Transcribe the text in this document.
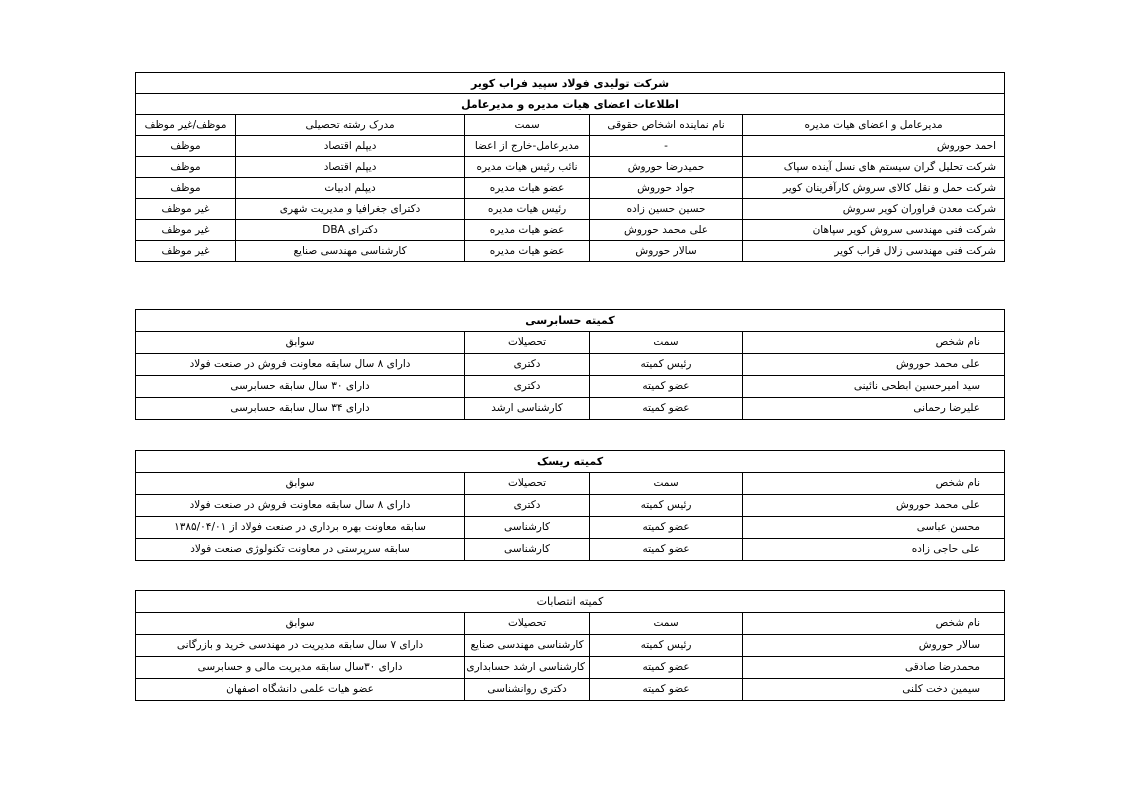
شرکت تولیدی فولاد سپید فراب کویر				
اطلاعات اعضای هیات مدیره و مدیرعامل				
مدیرعامل و اعضای هیات مدیره	نام نماینده اشخاص حقوقی	سمت	مدرک رشته تحصیلی	موظف/غیر موظف
احمد حوروش	-	مدیرعامل-خارج از اعضا	دیپلم اقتصاد	موظف
شرکت تحلیل گران سیستم های نسل آینده سپاک	حمیدرضا حوروش	نائب رئیس هیات مدیره	دیپلم اقتصاد	موظف
شرکت حمل و نقل کالای سروش کارآفرینان کویر	جواد حوروش	عضو هیات مدیره	دیپلم ادبیات	موظف
شرکت معدن فراوران کویر سروش	حسین حسین زاده	رئیس هیات مدیره	دکترای جغرافیا و مدیریت شهری	غیر موظف
شرکت فنی مهندسی سروش کویر سپاهان	علی محمد حوروش	عضو هیات مدیره	دکترای DBA	غیر موظف
شرکت فنی مهندسی زلال فراب کویر	سالار حوروش	عضو هیات مدیره	کارشناسی مهندسی صنایع	غیر موظف
کمیته حسابرسی			
نام شخص	سمت	تحصیلات	سوابق
علی محمد حوروش	رئیس کمیته	دکتری	دارای ۸ سال سابقه معاونت فروش در صنعت فولاد
سید امیرحسین ابطحی نائینی	عضو کمیته	دکتری	دارای ۳۰ سال سابقه حسابرسی
علیرضا رحمانی	عضو کمیته	کارشناسی ارشد	دارای ۳۴ سال سابقه حسابرسی
کمیته ریسک			
نام شخص	سمت	تحصیلات	سوابق
علی محمد حوروش	رئیس کمیته	دکتری	دارای ۸ سال سابقه معاونت فروش در صنعت فولاد
محسن عباسی	عضو کمیته	کارشناسی	سابقه معاونت بهره برداری در صنعت فولاد از ۱۳۸۵/۰۴/۰۱
علی حاجی زاده	عضو کمیته	کارشناسی	سابقه سرپرستی در معاونت تکنولوژی صنعت فولاد
کمیته انتصابات			
نام شخص	سمت	تحصیلات	سوابق
سالار حوروش	رئیس کمیته	کارشناسی مهندسی صنایع	دارای ۷ سال سابقه مدیریت در مهندسی خرید و بازرگانی
محمدرضا صادقی	عضو کمیته	کارشناسی ارشد حسابداری	دارای ۳۰سال سابقه مدیریت مالی و حسابرسی
سیمین دخت کلنی	عضو کمیته	دکتری روانشناسی	عضو هیات علمی دانشگاه اصفهان
